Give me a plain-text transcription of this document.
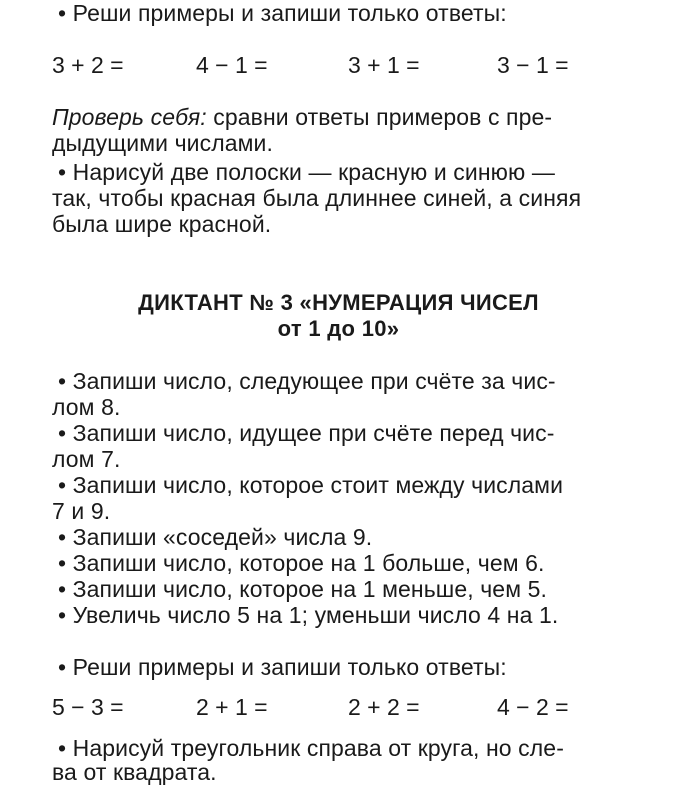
• Реши примеры и запиши только ответы:
3 + 2 =	4 − 1 =	3 + 1 =	3 − 1 =
Проверь себя: сравни ответы примеров с пре-
дыдущими числами.
• Нарисуй две полоски — красную и синюю —
так, чтобы красная была длиннее синей, а синяя
была шире красной.
ДИКТАНТ № 3 «НУМЕРАЦИЯ ЧИСЕЛ
от 1 до 10»
• Запиши число, следующее при счёте за чис-
лом 8.
• Запиши число, идущее при счёте перед чис-
лом 7.
• Запиши число, которое стоит между числами
7 и 9.
• Запиши «соседей» числа 9.
• Запиши число, которое на 1 больше, чем 6.
• Запиши число, которое на 1 меньше, чем 5.
• Увеличь число 5 на 1; уменьши число 4 на 1.
• Реши примеры и запиши только ответы:
5 − 3 =	2 + 1 =	2 + 2 =	4 − 2 =
• Нарисуй треугольник справа от круга, но сле-
ва от квадрата.
